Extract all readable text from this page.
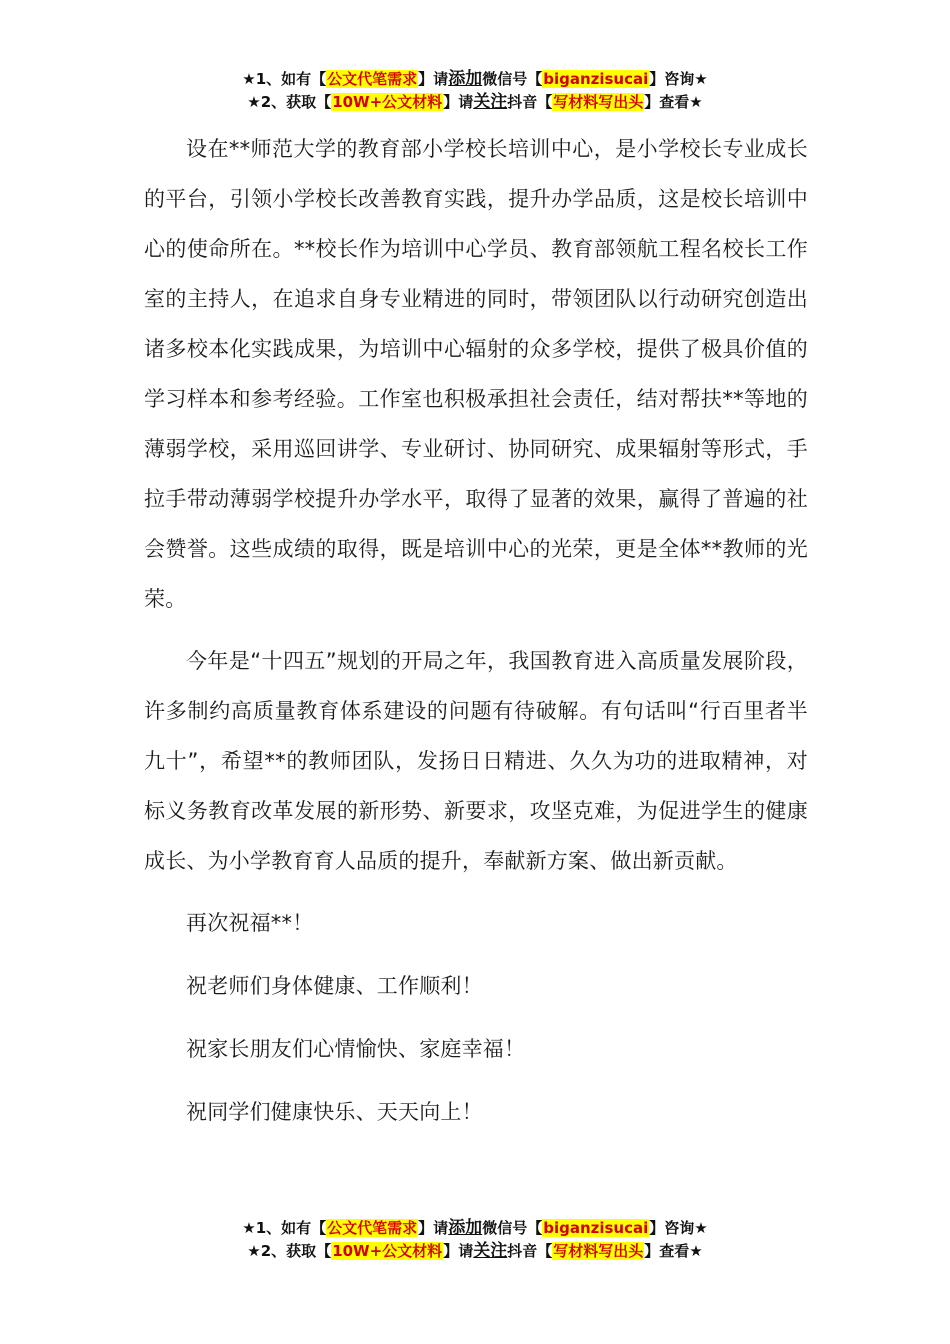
★1、如有【公文代笔需求】请添加微信号【biganzisucai】咨询★
★2、获取【10W+公文材料】请关注抖音【写材料写出头】查看★

设在**师范大学的教育部小学校长培训中心，是小学校长专业成长的平台，引领小学校长改善教育实践，提升办学品质，这是校长培训中心的使命所在。**校长作为培训中心学员、教育部领航工程名校长工作室的主持人，在追求自身专业精进的同时，带领团队以行动研究创造出诸多校本化实践成果，为培训中心辐射的众多学校，提供了极具价值的学习样本和参考经验。工作室也积极承担社会责任，结对帮扶**等地的薄弱学校，采用巡回讲学、专业研讨、协同研究、成果辐射等形式，手拉手带动薄弱学校提升办学水平，取得了显著的效果，赢得了普遍的社会赞誉。这些成绩的取得，既是培训中心的光荣，更是全体**教师的光荣。

今年是“十四五”规划的开局之年，我国教育进入高质量发展阶段，许多制约高质量教育体系建设的问题有待破解。有句话叫“行百里者半九十”，希望**的教师团队，发扬日日精进、久久为功的进取精神，对标义务教育改革发展的新形势、新要求，攻坚克难，为促进学生的健康成长、为小学教育育人品质的提升，奉献新方案、做出新贡献。

再次祝福**！

祝老师们身体健康、工作顺利！

祝家长朋友们心情愉快、家庭幸福！

祝同学们健康快乐、天天向上！

★1、如有【公文代笔需求】请添加微信号【biganzisucai】咨询★
★2、获取【10W+公文材料】请关注抖音【写材料写出头】查看★
